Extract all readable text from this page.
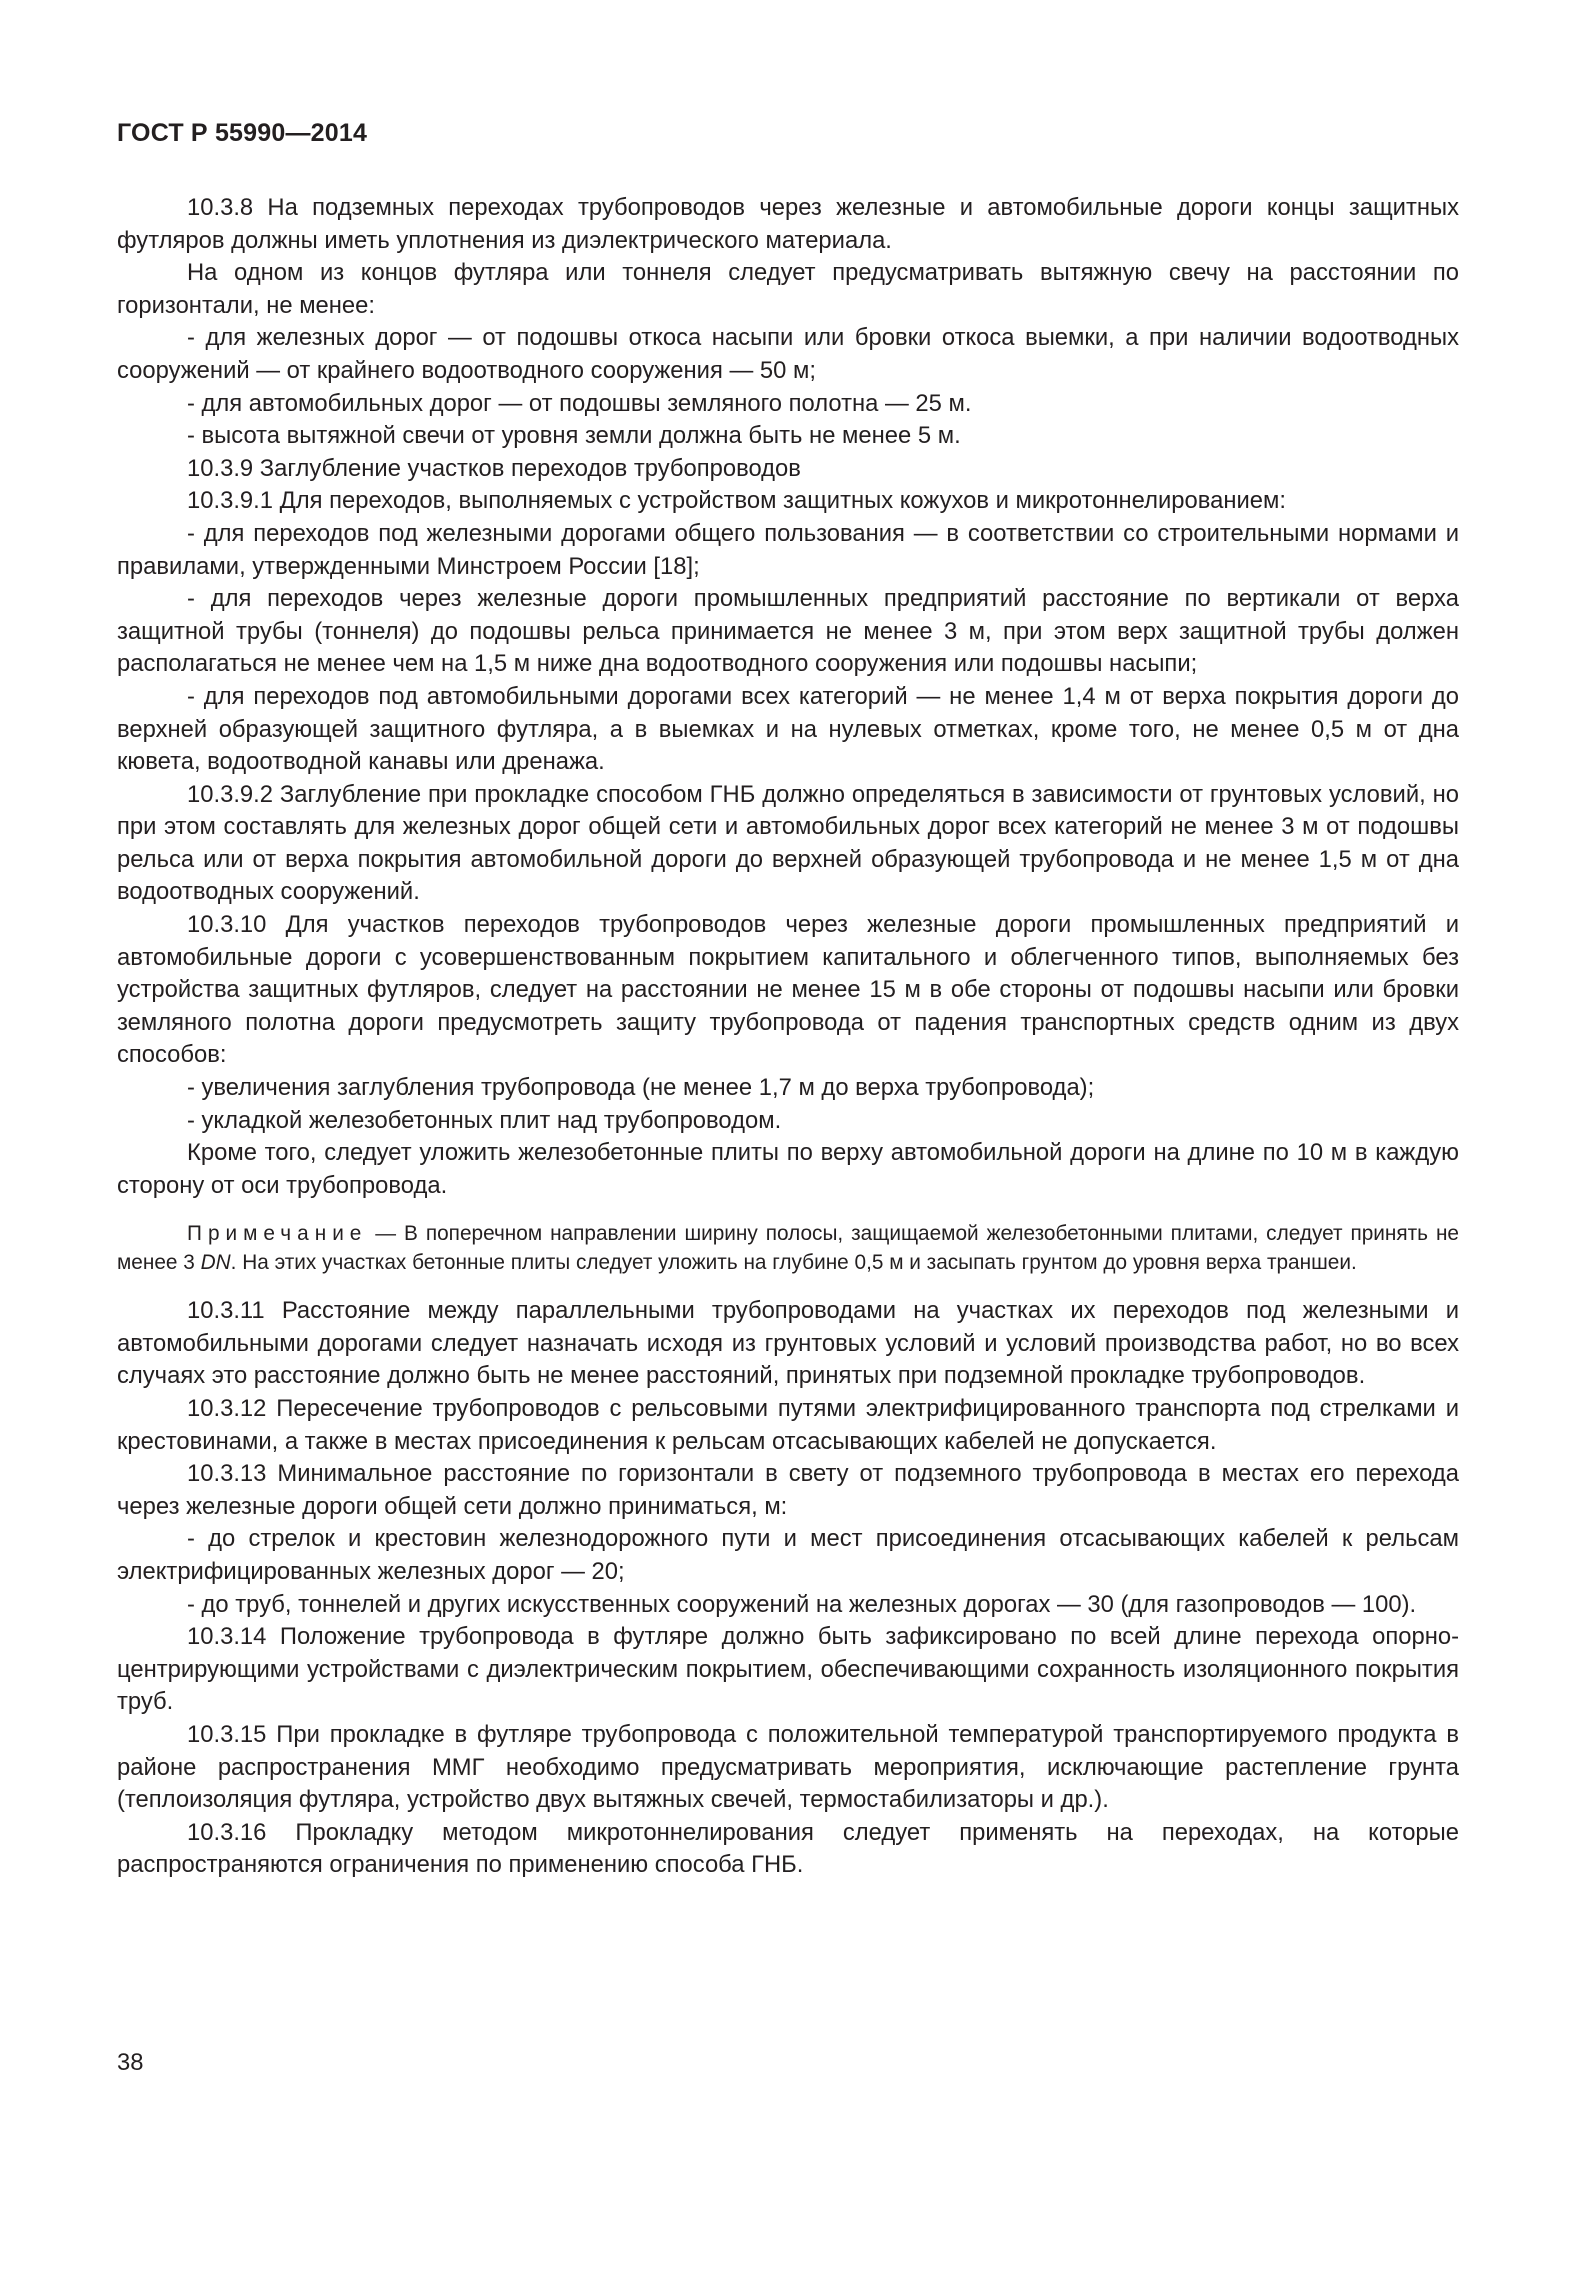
ГОСТ Р 55990—2014

10.3.8 На подземных переходах трубопроводов через железные и автомобильные дороги концы защитных футляров должны иметь уплотнения из диэлектрического материала.

На одном из концов футляра или тоннеля следует предусматривать вытяжную свечу на расстоянии по горизонтали, не менее:

- для железных дорог — от подошвы откоса насыпи или бровки откоса выемки, а при наличии водоотводных сооружений — от крайнего водоотводного сооружения — 50 м;

- для автомобильных дорог — от подошвы земляного полотна — 25 м.

- высота вытяжной свечи от уровня земли должна быть не менее 5 м.

10.3.9 Заглубление участков переходов трубопроводов

10.3.9.1 Для переходов, выполняемых с устройством защитных кожухов и микротоннелированием:

- для переходов под железными дорогами общего пользования — в соответствии со строительными нормами и правилами, утвержденными Минстроем России [18];

- для переходов через железные дороги промышленных предприятий расстояние по вертикали от верха защитной трубы (тоннеля) до подошвы рельса принимается не менее 3 м, при этом верх защитной трубы должен располагаться не менее чем на 1,5 м ниже дна водоотводного сооружения или подошвы насыпи;

- для переходов под автомобильными дорогами всех категорий — не менее 1,4 м от верха покрытия дороги до верхней образующей защитного футляра, а в выемках и на нулевых отметках, кроме того, не менее 0,5 м от дна кювета, водоотводной канавы или дренажа.

10.3.9.2 Заглубление при прокладке способом ГНБ должно определяться в зависимости от грунтовых условий, но при этом составлять для железных дорог общей сети и автомобильных дорог всех категорий не менее 3 м от подошвы рельса или от верха покрытия автомобильной дороги до верхней образующей трубопровода и не менее 1,5 м от дна водоотводных сооружений.

10.3.10 Для участков переходов трубопроводов через железные дороги промышленных предприятий и автомобильные дороги с усовершенствованным покрытием капитального и облегченного типов, выполняемых без устройства защитных футляров, следует на расстоянии не менее 15 м в обе стороны от подошвы насыпи или бровки земляного полотна дороги предусмотреть защиту трубопровода от падения транспортных средств одним из двух способов:

- увеличения заглубления трубопровода (не менее 1,7 м до верха трубопровода);

- укладкой железобетонных плит над трубопроводом.

Кроме того, следует уложить железобетонные плиты по верху автомобильной дороги на длине по 10 м в каждую сторону от оси трубопровода.

Примечание — В поперечном направлении ширину полосы, защищаемой железобетонными плитами, следует принять не менее 3 DN. На этих участках бетонные плиты следует уложить на глубине 0,5 м и засыпать грунтом до уровня верха траншеи.

10.3.11 Расстояние между параллельными трубопроводами на участках их переходов под железными и автомобильными дорогами следует назначать исходя из грунтовых условий и условий производства работ, но во всех случаях это расстояние должно быть не менее расстояний, принятых при подземной прокладке трубопроводов.

10.3.12 Пересечение трубопроводов с рельсовыми путями электрифицированного транспорта под стрелками и крестовинами, а также в местах присоединения к рельсам отсасывающих кабелей не допускается.

10.3.13 Минимальное расстояние по горизонтали в свету от подземного трубопровода в местах его перехода через железные дороги общей сети должно приниматься, м:

- до стрелок и крестовин железнодорожного пути и мест присоединения отсасывающих кабелей к рельсам электрифицированных железных дорог — 20;

- до труб, тоннелей и других искусственных сооружений на железных дорогах — 30 (для газопроводов — 100).

10.3.14 Положение трубопровода в футляре должно быть зафиксировано по всей длине перехода опорно-центрирующими устройствами с диэлектрическим покрытием, обеспечивающими сохранность изоляционного покрытия труб.

10.3.15 При прокладке в футляре трубопровода с положительной температурой транспортируемого продукта в районе распространения ММГ необходимо предусматривать мероприятия, исключающие растепление грунта (теплоизоляция футляра, устройство двух вытяжных свечей, термостабилизаторы и др.).

10.3.16 Прокладку методом микротоннелирования следует применять на переходах, на которые распространяются ограничения по применению способа ГНБ.

38
